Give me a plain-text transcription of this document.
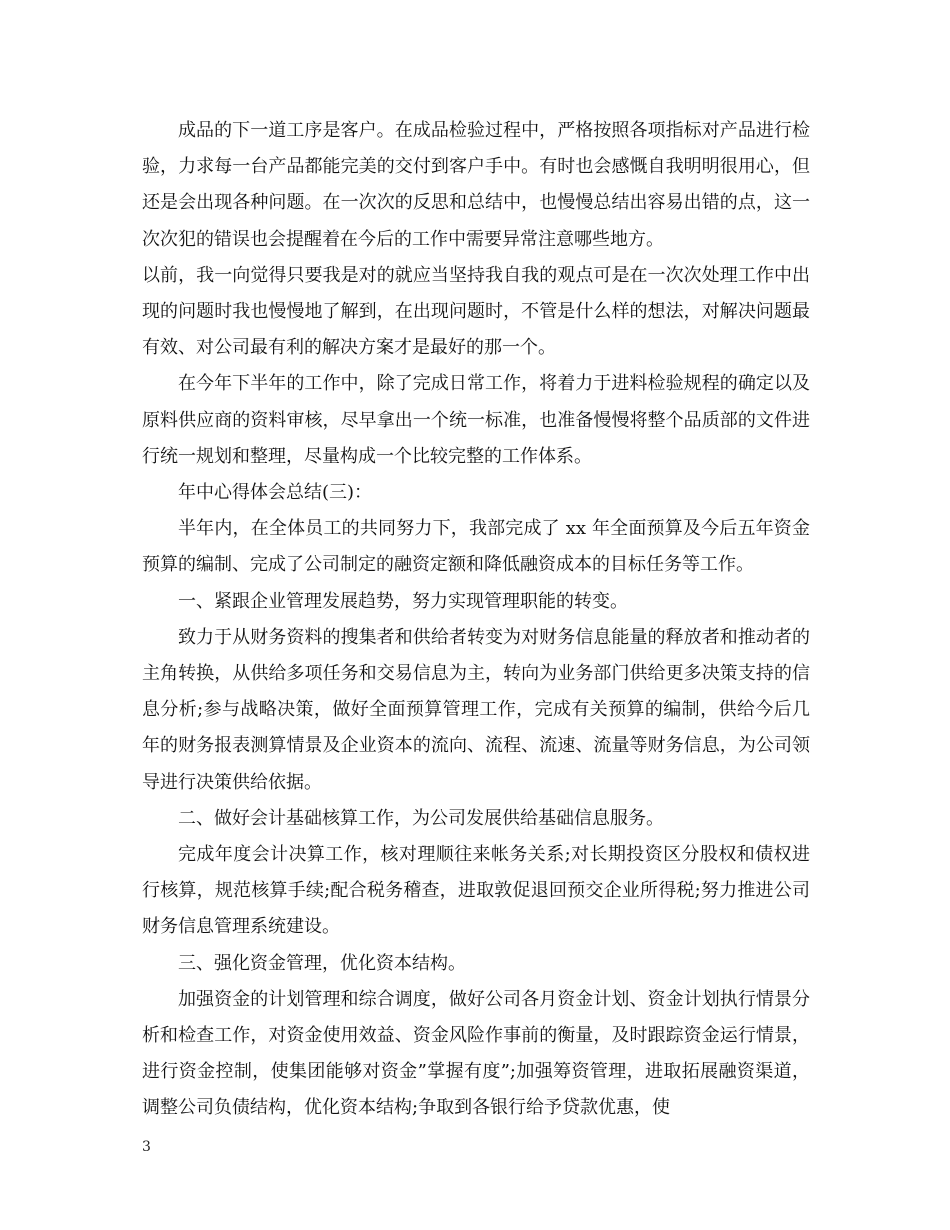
成品的下一道工序是客户。在成品检验过程中，严格按照各项指标对产品进行检验，力求每一台产品都能完美的交付到客户手中。有时也会感慨自我明明很用心，但还是会出现各种问题。在一次次的反思和总结中，也慢慢总结出容易出错的点，这一次次犯的错误也会提醒着在今后的工作中需要异常注意哪些地方。

以前，我一向觉得只要我是对的就应当坚持我自我的观点可是在一次次处理工作中出现的问题时我也慢慢地了解到，在出现问题时，不管是什么样的想法，对解决问题最有效、对公司最有利的解决方案才是最好的那一个。

在今年下半年的工作中，除了完成日常工作，将着力于进料检验规程的确定以及原料供应商的资料审核，尽早拿出一个统一标准，也准备慢慢将整个品质部的文件进行统一规划和整理，尽量构成一个比较完整的工作体系。

年中心得体会总结(三)：

半年内，在全体员工的共同努力下，我部完成了 xx 年全面预算及今后五年资金预算的编制、完成了公司制定的融资定额和降低融资成本的目标任务等工作。

一、紧跟企业管理发展趋势，努力实现管理职能的转变。

致力于从财务资料的搜集者和供给者转变为对财务信息能量的释放者和推动者的主角转换，从供给多项任务和交易信息为主，转向为业务部门供给更多决策支持的信息分析;参与战略决策，做好全面预算管理工作，完成有关预算的编制，供给今后几年的财务报表测算情景及企业资本的流向、流程、流速、流量等财务信息，为公司领导进行决策供给依据。

二、做好会计基础核算工作，为公司发展供给基础信息服务。

完成年度会计决算工作，核对理顺往来帐务关系;对长期投资区分股权和债权进行核算，规范核算手续;配合税务稽查，进取敦促退回预交企业所得税;努力推进公司财务信息管理系统建设。

三、强化资金管理，优化资本结构。

加强资金的计划管理和综合调度，做好公司各月资金计划、资金计划执行情景分析和检查工作，对资金使用效益、资金风险作事前的衡量，及时跟踪资金运行情景，进行资金控制，使集团能够对资金”掌握有度”;加强筹资管理，进取拓展融资渠道，调整公司负债结构，优化资本结构;争取到各银行给予贷款优惠，使

3
